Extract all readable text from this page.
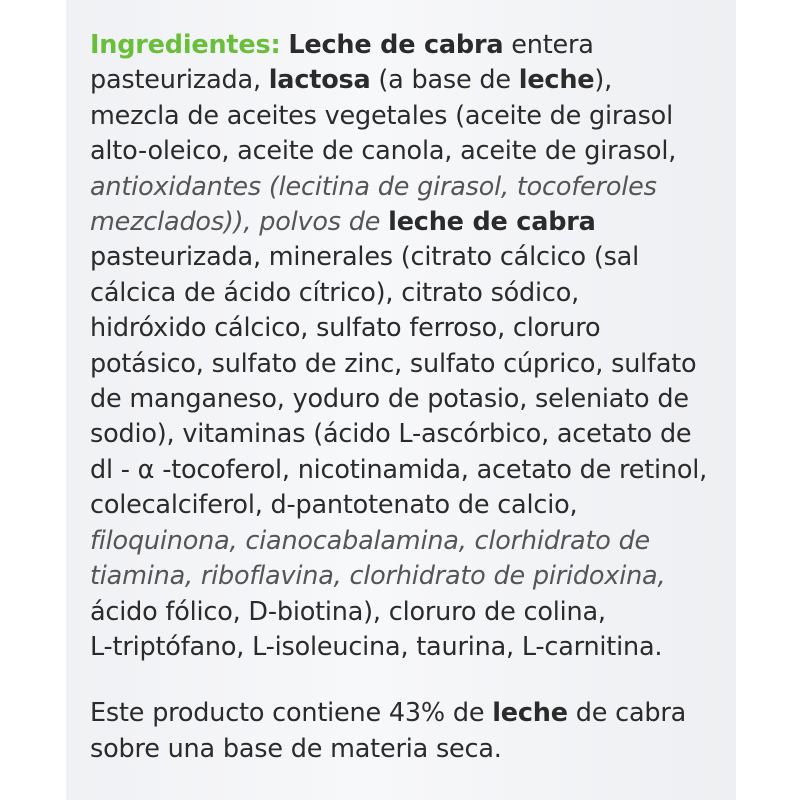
Ingredientes: Leche de cabra entera
pasteurizada, lactosa (a base de leche),
mezcla de aceites vegetales (aceite de girasol
alto-oleico, aceite de canola, aceite de girasol,
antioxidantes (lecitina de girasol, tocoferoles
mezclados)), polvos de leche de cabra
pasteurizada, minerales (citrato cálcico (sal
cálcica de ácido cítrico), citrato sódico,
hidróxido cálcico, sulfato ferroso, cloruro
potásico, sulfato de zinc, sulfato cúprico, sulfato
de manganeso, yoduro de potasio, seleniato de
sodio), vitaminas (ácido L-ascórbico, acetato de
dl - α -tocoferol, nicotinamida, acetato de retinol,
colecalciferol, d-pantotenato de calcio,
filoquinona, cianocabalamina, clorhidrato de
tiamina, riboflavina, clorhidrato de piridoxina,
ácido fólico, D-biotina), cloruro de colina,
L-triptófano, L-isoleucina, taurina, L-carnitina.
Este producto contiene 43% de leche de cabra
sobre una base de materia seca.
